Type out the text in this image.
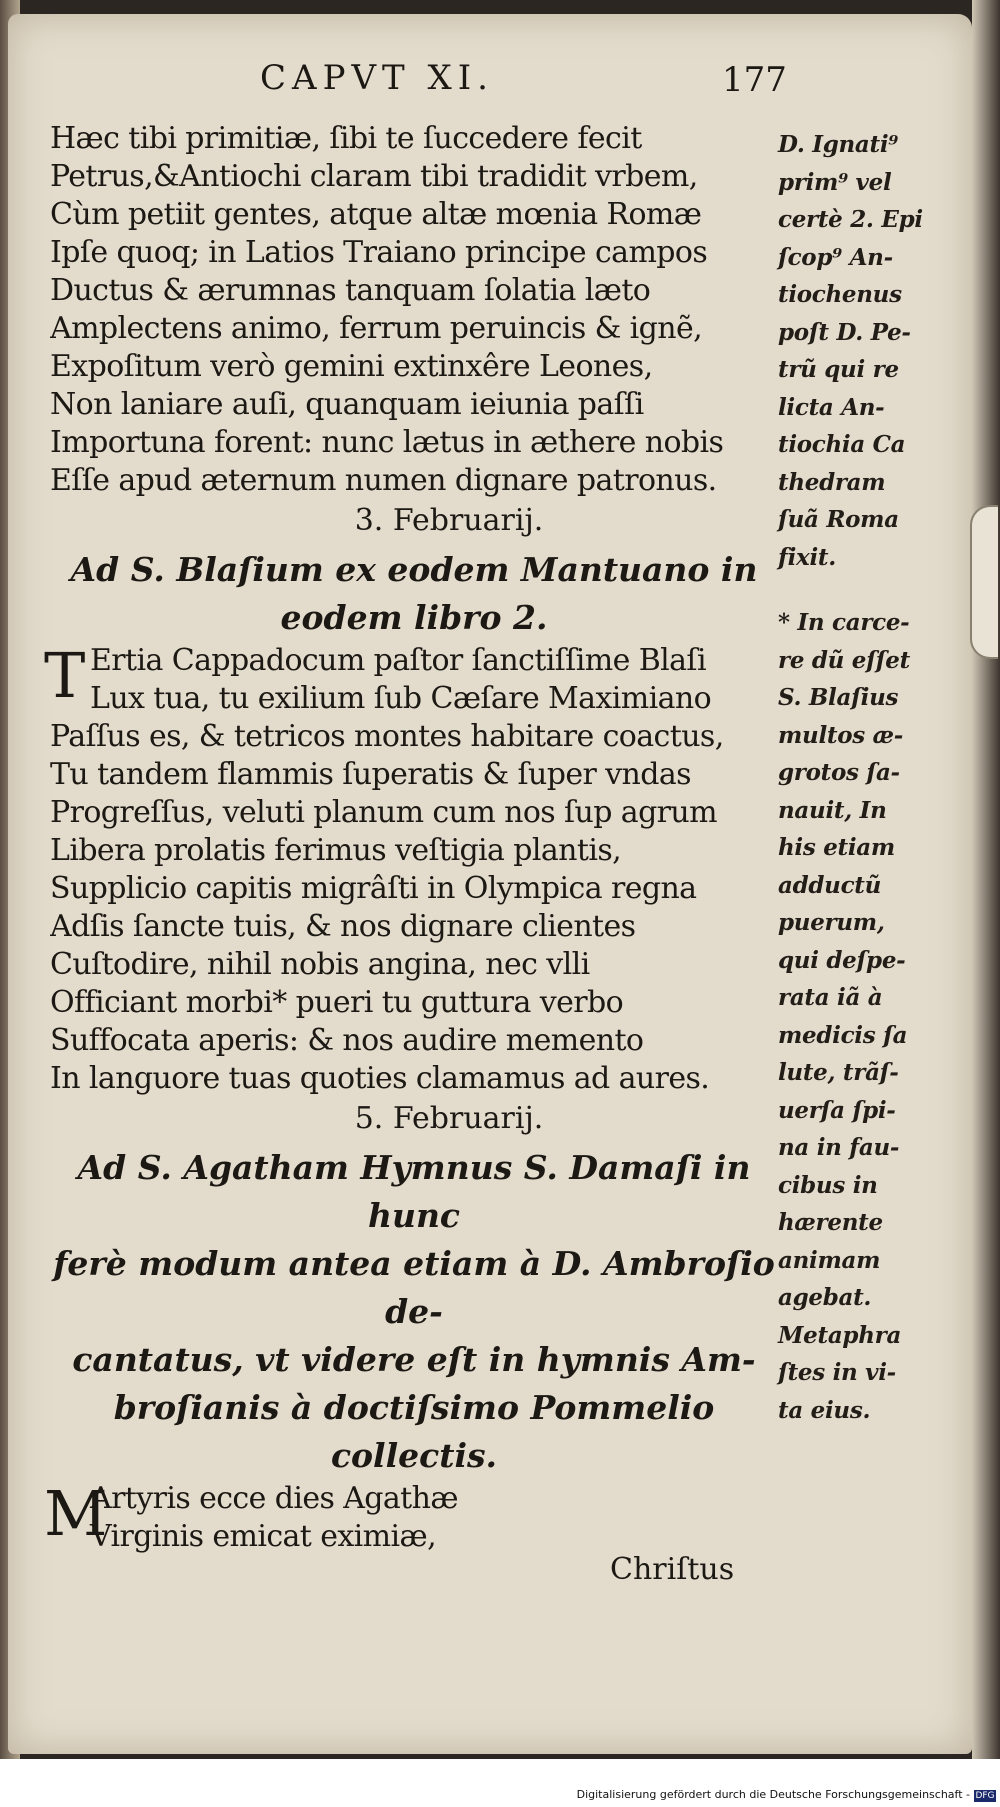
CAPVT XI.	177
Hæc tibi primitiæ, ſibi te ſuccedere fecit
Petrus,&Antiochi claram tibi tradidit vrbem,
Cùm petiit gentes, atque altæ mœnia Romæ
Ipſe quoq; in Latios Traiano principe campos
Ductus & ærumnas tanquam ſolatia læto
Amplectens animo, ferrum peruincis & ignẽ,
Expoſitum verò gemini extinxêre Leones,
Non laniare auſi, quanquam ieiunia paſſi
Importuna forent: nunc lætus in æthere nobis
Eſſe apud æternum numen dignare patronus.
3. Februarij.
Ad S. Blaſium ex eodem Mantuano in
eodem libro 2.
T Ertia Cappadocum paſtor ſanctiſſime Blaſi
Lux tua, tu exilium ſub Cæſare Maximiano
Paſſus es, & tetricos montes habitare coactus,
Tu tandem flammis ſuperatis & ſuper vndas
Progreſſus, veluti planum cum nos ſup agrum
Libera prolatis ferimus veſtigia plantis,
Supplicio capitis migrâſti in Olympica regna
Adſis ſancte tuis, & nos dignare clientes
Cuſtodire, nihil nobis angina, nec vlli
Officiant morbi* pueri tu guttura verbo
Suffocata aperis: & nos audire memento
In languore tuas quoties clamamus ad aures.
5. Februarij.
Ad S. Agatham Hymnus S. Damaſi in hunc
ferè modum antea etiam à D. Ambroſio de-
cantatus, vt videre eſt in hymnis Am-
broſianis à doctiſsimo Pommelio
collectis.
M
Artyris ecce dies Agathæ
Virginis emicat eximiæ,
Chriſtus
D. Ignati⁹
prim⁹ vel
certè 2. Epi
ſcop⁹ An-
tiochenus
poſt D. Pe-
trũ qui re
licta An-
tiochia Ca
thedram
ſuã Roma
fixit.
* In carce-
re dũ eſſet
S. Blaſius
multos æ-
grotos ſa-
nauit, In
his etiam
adductũ
puerum,
qui deſpe-
rata iã à
medicis ſa
lute, trãſ-
uerſa ſpi-
na in fau-
cibus in
hærente
animam
agebat.
Metaphra
ſtes in vi-
ta eius.
Digitalisierung gefördert durch die Deutsche Forschungsgemeinschaft - DFG
